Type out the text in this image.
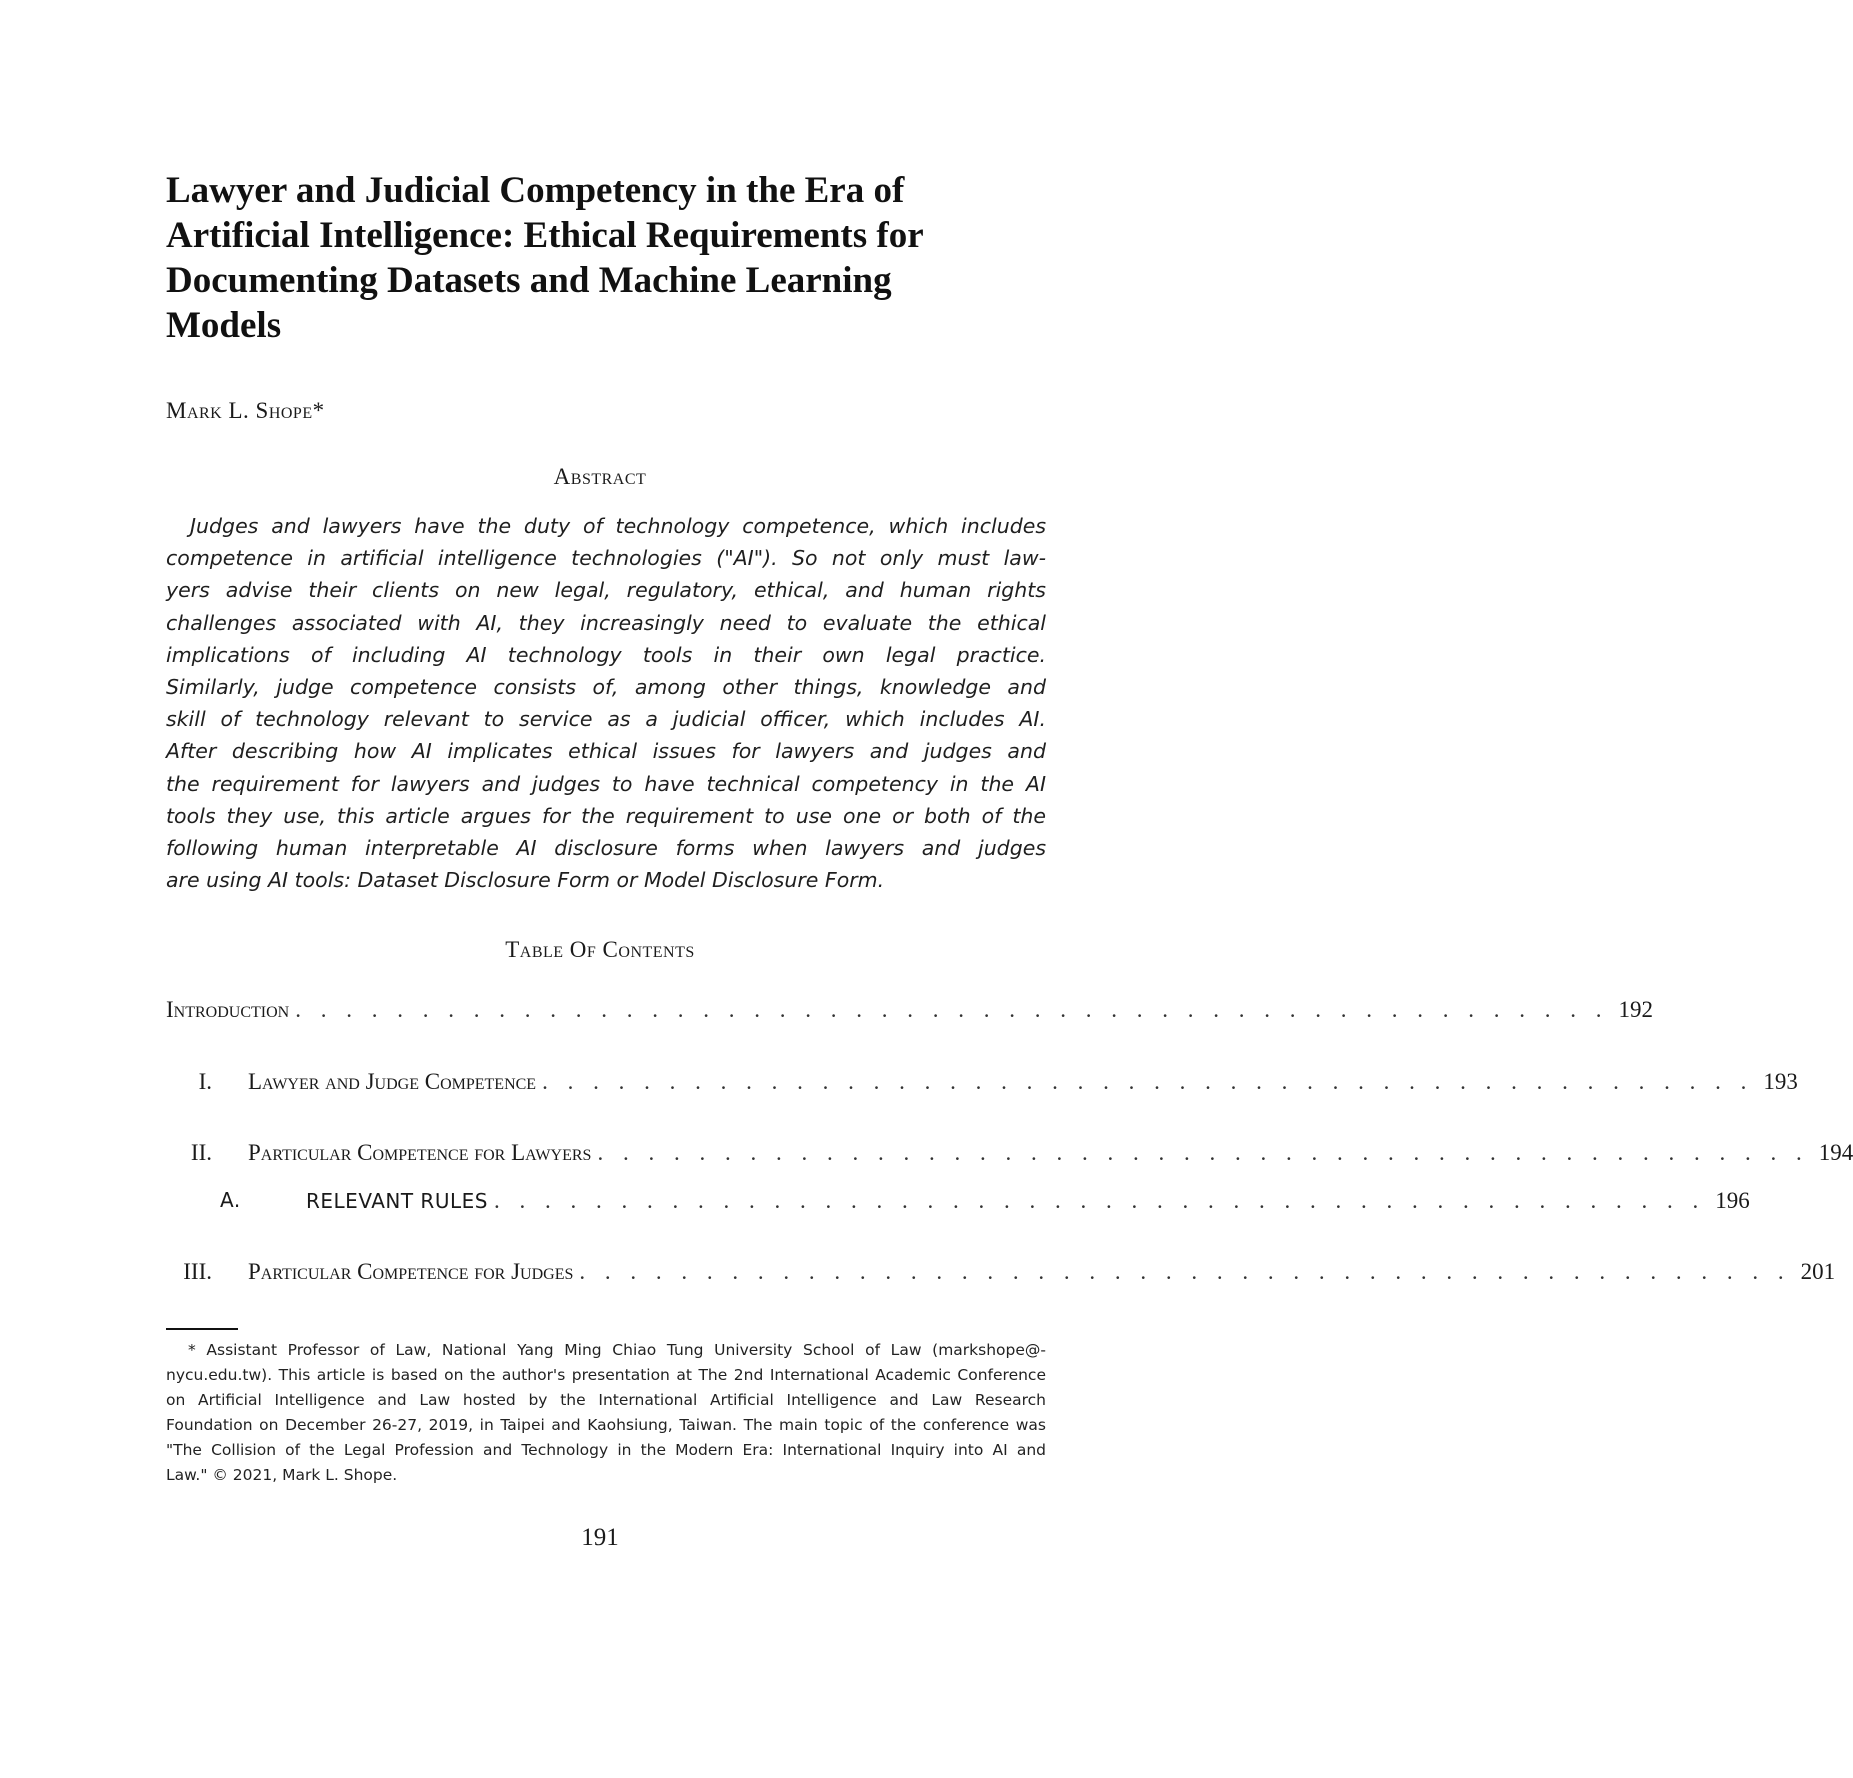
Lawyer and Judicial Competency in the Era of
Artificial Intelligence: Ethical Requirements for
Documenting Datasets and Machine Learning
Models
Mark L. Shope*
Abstract
Judges and lawyers have the duty of technology competence, which includes
competence in artificial intelligence technologies ("AI"). So not only must law-
yers advise their clients on new legal, regulatory, ethical, and human rights
challenges associated with AI, they increasingly need to evaluate the ethical
implications of including AI technology tools in their own legal practice.
Similarly, judge competence consists of, among other things, knowledge and
skill of technology relevant to service as a judicial officer, which includes AI.
After describing how AI implicates ethical issues for lawyers and judges and
the requirement for lawyers and judges to have technical competency in the AI
tools they use, this article argues for the requirement to use one or both of the
following human interpretable AI disclosure forms when lawyers and judges
are using AI tools: Dataset Disclosure Form or Model Disclosure Form.
Table Of Contents
Introduction . . . . . . . . . . . . . . . . . . . . . . . . . . . . . . . . . . . . . . . . . . . . . . . . . . . . 192
I. Lawyer and Judge Competence . . . . . . . . . . . . . . . . . . . . . . . . . . . . . . . . . . . . . . . . . . . . . . . . 193
II. Particular Competence for Lawyers . . . . . . . . . . . . . . . . . . . . . . . . . . . . . . . . . . . . . . . . . . . . . . . . 194
A.	RELEVANT RULES . . . . . . . . . . . . . . . . . . . . . . . . . . . . . . . . . . . . . . . . . . . . . . . . 196
III. Particular Competence for Judges . . . . . . . . . . . . . . . . . . . . . . . . . . . . . . . . . . . . . . . . . . . . . . . . 201
* Assistant Professor of Law, National Yang Ming Chiao Tung University School of Law (markshope@-
nycu.edu.tw). This article is based on the author's presentation at The 2nd International Academic Conference
on Artificial Intelligence and Law hosted by the International Artificial Intelligence and Law Research
Foundation on December 26-27, 2019, in Taipei and Kaohsiung, Taiwan. The main topic of the conference was
"The Collision of the Legal Profession and Technology in the Modern Era: International Inquiry into AI and
Law." © 2021, Mark L. Shope.
191
